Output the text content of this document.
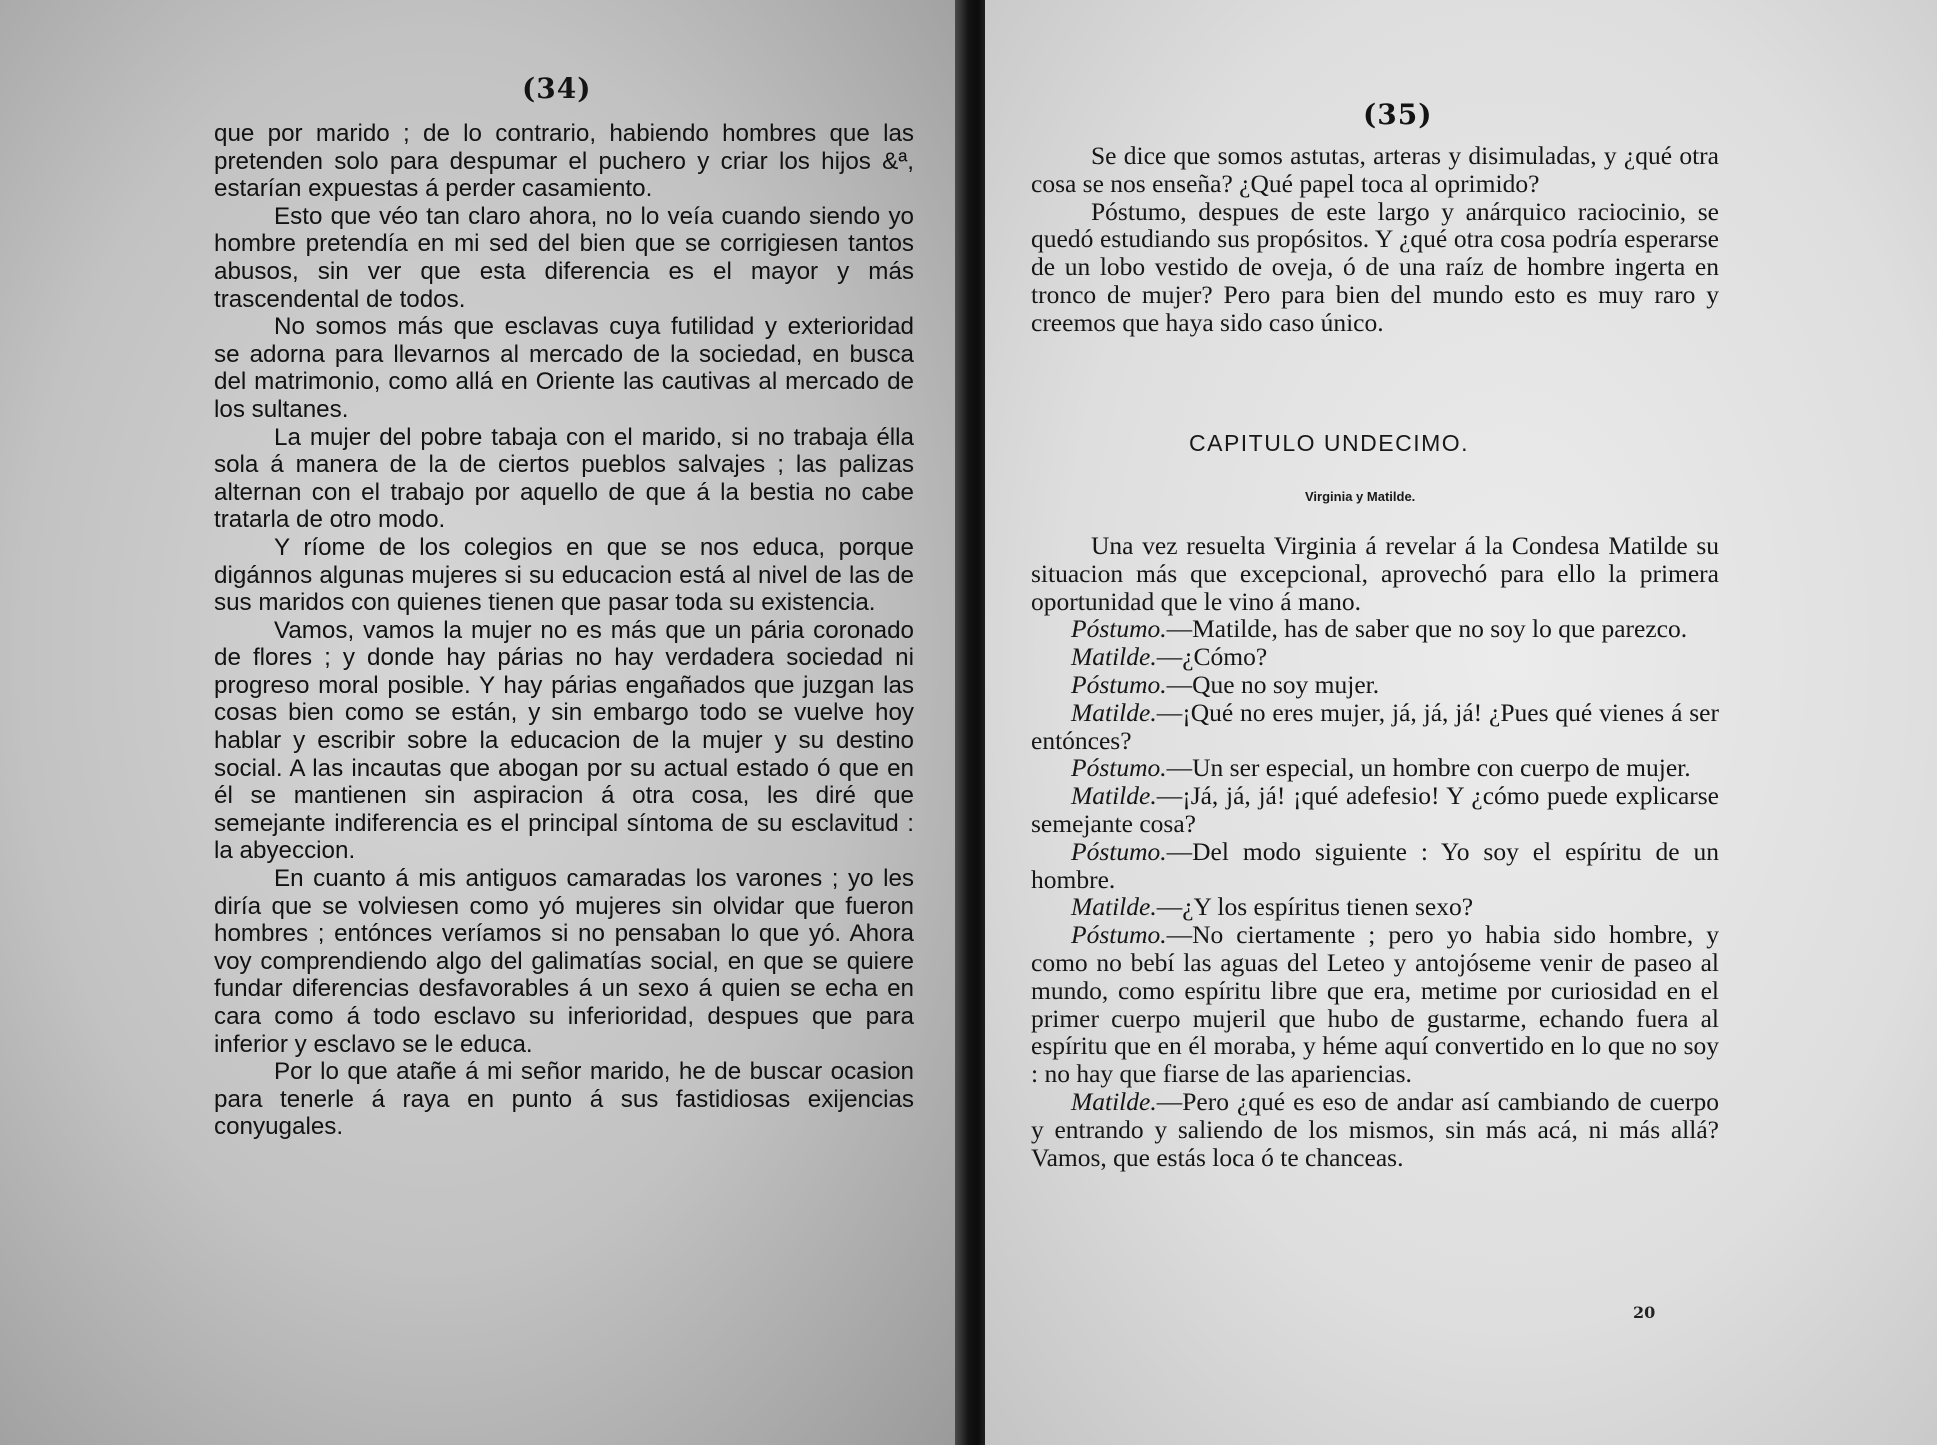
(34)

que por marido ; de lo contrario, habiendo hombres que las pretenden solo para despumar el puchero y criar los hijos &ª, estarían expuestas á perder casamiento.

Esto que véo tan claro ahora, no lo veía cuando siendo yo hombre pretendía en mi sed del bien que se corrigiesen tantos abusos, sin ver que esta diferencia es el mayor y más trascendental de todos.

No somos más que esclavas cuya futilidad y exterioridad se adorna para llevarnos al mercado de la sociedad, en busca del matrimonio, como allá en Oriente las cautivas al mercado de los sultanes.

La mujer del pobre tabaja con el marido, si no trabaja élla sola á manera de la de ciertos pueblos salvajes ; las palizas alternan con el trabajo por aquello de que á la bestia no cabe tratarla de otro modo.

Y ríome de los colegios en que se nos educa, porque digánnos algunas mujeres si su educacion está al nivel de las de sus maridos con quienes tienen que pasar toda su existencia.

Vamos, vamos la mujer no es más que un pária coronado de flores ; y donde hay párias no hay verdadera sociedad ni progreso moral posible. Y hay párias engañados que juzgan las cosas bien como se están, y sin embargo todo se vuelve hoy hablar y escribir sobre la educacion de la mujer y su destino social. A las incautas que abogan por su actual estado ó que en él se mantienen sin aspiracion á otra cosa, les diré que semejante indiferencia es el principal síntoma de su esclavitud : la abyeccion.

En cuanto á mis antiguos camaradas los varones ; yo les diría que se volviesen como yó mujeres sin olvidar que fueron hombres ; entónces veríamos si no pensaban lo que yó. Ahora voy comprendiendo algo del galimatías social, en que se quiere fundar diferencias desfavorables á un sexo á quien se echa en cara como á todo esclavo su inferioridad, despues que para inferior y esclavo se le educa.

Por lo que atañe á mi señor marido, he de buscar ocasion para tenerle á raya en punto á sus fastidiosas exijencias conyugales.

(35)

Se dice que somos astutas, arteras y disimuladas, y ¿qué otra cosa se nos enseña? ¿Qué papel toca al oprimido?

Póstumo, despues de este largo y anárquico raciocinio, se quedó estudiando sus propósitos. Y ¿qué otra cosa podría esperarse de un lobo vestido de oveja, ó de una raíz de hombre ingerta en tronco de mujer? Pero para bien del mundo esto es muy raro y creemos que haya sido caso único.

CAPITULO UNDECIMO.
Virginia y Matilde.

Una vez resuelta Virginia á revelar á la Condesa Matilde su situacion más que excepcional, aprovechó para ello la primera oportunidad que le vino á mano.

Póstumo.—Matilde, has de saber que no soy lo que parezco.

Matilde.—¿Cómo?

Póstumo.—Que no soy mujer.

Matilde.—¡Qué no eres mujer, já, já, já! ¿Pues qué vienes á ser entónces?

Póstumo.—Un ser especial, un hombre con cuerpo de mujer.

Matilde.—¡Já, já, já! ¡qué adefesio! Y ¿cómo puede explicarse semejante cosa?

Póstumo.—Del modo siguiente : Yo soy el espíritu de un hombre.

Matilde.—¿Y los espíritus tienen sexo?

Póstumo.—No ciertamente ; pero yo habia sido hombre, y como no bebí las aguas del Leteo y antojóseme venir de paseo al mundo, como espíritu libre que era, metime por curiosidad en el primer cuerpo mujeril que hubo de gustarme, echando fuera al espíritu que en él moraba, y héme aquí convertido en lo que no soy : no hay que fiarse de las apariencias.

Matilde.—Pero ¿qué es eso de andar así cambiando de cuerpo y entrando y saliendo de los mismos, sin más acá, ni más allá? Vamos, que estás loca ó te chanceas.

20
